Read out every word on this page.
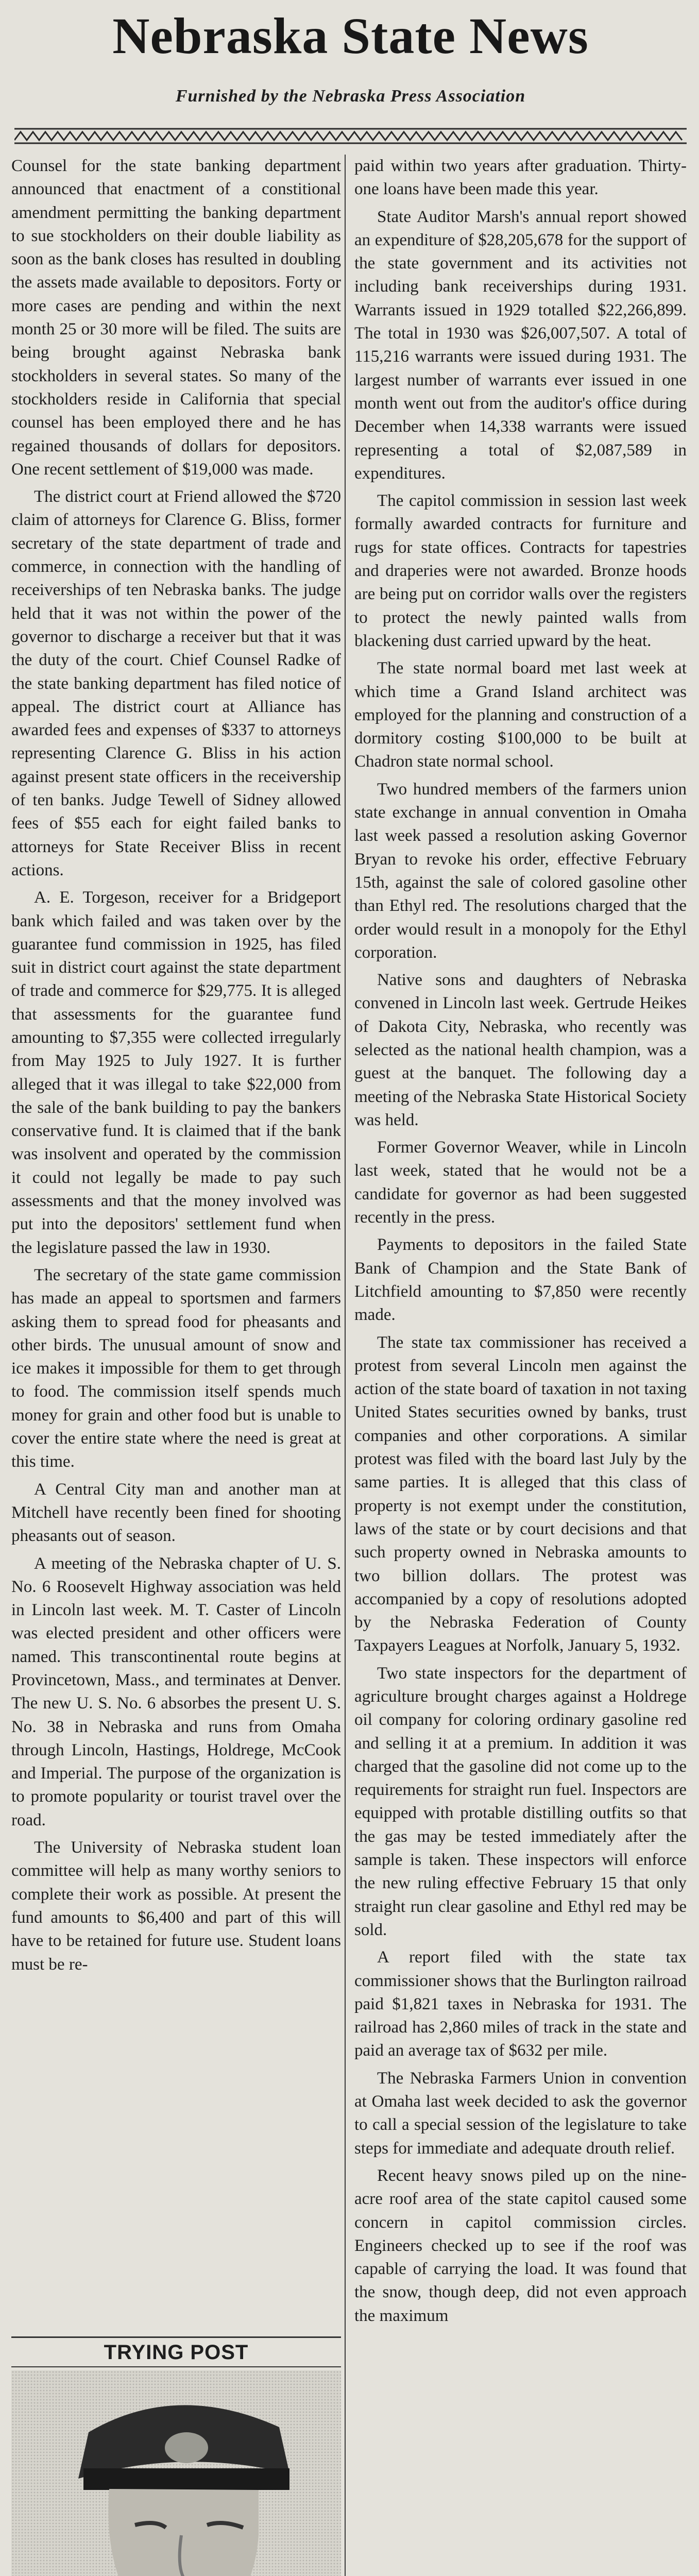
Nebraska State News
Furnished by the Nebraska Press Association

Counsel for the state banking department announced that enactment of a constitional amendment permitting the banking department to sue stockholders on their double liability as soon as the bank closes has resulted in doubling the assets made available to depositors. Forty or more cases are pending and within the next month 25 or 30 more will be filed. The suits are being brought against Nebraska bank stockholders in several states. So many of the stockholders reside in California that special counsel has been employed there and he has regained thousands of dollars for depositors. One recent settlement of $19,000 was made.

The district court at Friend allowed the $720 claim of attorneys for Clarence G. Bliss, former secretary of the state department of trade and commerce, in connection with the handling of receiverships of ten Nebraska banks. The judge held that it was not within the power of the governor to discharge a receiver but that it was the duty of the court. Chief Counsel Radke of the state banking department has filed notice of appeal. The district court at Alliance has awarded fees and expenses of $337 to attorneys representing Clarence G. Bliss in his action against present state officers in the receivership of ten banks. Judge Tewell of Sidney allowed fees of $55 each for eight failed banks to attorneys for State Receiver Bliss in recent actions.

A. E. Torgeson, receiver for a Bridgeport bank which failed and was taken over by the guarantee fund commission in 1925, has filed suit in district court against the state department of trade and commerce for $29,775. It is alleged that assessments for the guarantee fund amounting to $7,355 were collected irregularly from May 1925 to July 1927. It is further alleged that it was illegal to take $22,000 from the sale of the bank building to pay the bankers conservative fund. It is claimed that if the bank was insolvent and operated by the commission it could not legally be made to pay such assessments and that the money involved was put into the depositors' settlement fund when the legislature passed the law in 1930.

The secretary of the state game commission has made an appeal to sportsmen and farmers asking them to spread food for pheasants and other birds. The unusual amount of snow and ice makes it impossible for them to get through to food. The commission itself spends much money for grain and other food but is unable to cover the entire state where the need is great at this time.

A Central City man and another man at Mitchell have recently been fined for shooting pheasants out of season.

A meeting of the Nebraska chapter of U. S. No. 6 Roosevelt Highway association was held in Lincoln last week. M. T. Caster of Lincoln was elected president and other officers were named. This transcontinental route begins at Provincetown, Mass., and terminates at Denver. The new U. S. No. 6 absorbes the present U. S. No. 38 in Nebraska and runs from Omaha through Lincoln, Hastings, Holdrege, McCook and Imperial. The purpose of the organization is to promote popularity or tourist travel over the road.

The University of Nebraska student loan committee will help as many worthy seniors to complete their work as possible. At present the fund amounts to $6,400 and part of this will have to be retained for future use. Student loans must be re-

TRYING POST

paid within two years after graduation. Thirty-one loans have been made this year.

State Auditor Marsh's annual report showed an expenditure of $28,205,678 for the support of the state government and its activities not including bank receiverships during 1931. Warrants issued in 1929 totalled $22,266,899. The total in 1930 was $26,007,507. A total of 115,216 warrants were issued during 1931. The largest number of warrants ever issued in one month went out from the auditor's office during December when 14,338 warrants were issued representing a total of $2,087,589 in expenditures.

The capitol commission in session last week formally awarded contracts for furniture and rugs for state offices. Contracts for tapestries and draperies were not awarded. Bronze hoods are being put on corridor walls over the registers to protect the newly painted walls from blackening dust carried upward by the heat.

The state normal board met last week at which time a Grand Island architect was employed for the planning and construction of a dormitory costing $100,000 to be built at Chadron state normal school.

Two hundred members of the farmers union state exchange in annual convention in Omaha last week passed a resolution asking Governor Bryan to revoke his order, effective February 15th, against the sale of colored gasoline other than Ethyl red. The resolutions charged that the order would result in a monopoly for the Ethyl corporation.

Native sons and daughters of Nebraska convened in Lincoln last week. Gertrude Heikes of Dakota City, Nebraska, who recently was selected as the national health champion, was a guest at the banquet. The following day a meeting of the Nebraska State Historical Society was held.

Former Governor Weaver, while in Lincoln last week, stated that he would not be a candidate for governor as had been suggested recently in the press.

Payments to depositors in the failed State Bank of Champion and the State Bank of Litchfield amounting to $7,850 were recently made.

The state tax commissioner has received a protest from several Lincoln men against the action of the state board of taxation in not taxing United States securities owned by banks, trust companies and other corporations. A similar protest was filed with the board last July by the same parties. It is alleged that this class of property is not exempt under the constitution, laws of the state or by court decisions and that such property owned in Nebraska amounts to two billion dollars. The protest was accompanied by a copy of resolutions adopted by the Nebraska Federation of County Taxpayers Leagues at Norfolk, January 5, 1932.

Two state inspectors for the department of agriculture brought charges against a Holdrege oil company for coloring ordinary gasoline red and selling it at a premium. In addition it was charged that the gasoline did not come up to the requirements for straight run fuel. Inspectors are equipped with protable distilling outfits so that the gas may be tested immediately after the sample is taken. These inspectors will enforce the new ruling effective February 15 that only straight run clear gasoline and Ethyl red may be sold.

A report filed with the state tax commissioner shows that the Burlington railroad paid $1,821 taxes in Nebraska for 1931. The railroad has 2,860 miles of track in the state and paid an average tax of $632 per mile.

The Nebraska Farmers Union in convention at Omaha last week decided to ask the governor to call a special session of the legislature to take steps for immediate and adequate drouth relief.

Recent heavy snows piled up on the nine-acre roof area of the state capitol caused some concern in capitol commission circles. Engineers checked up to see if the roof was capable of carrying the load. It was found that the snow, though deep, did not even approach the maximum
